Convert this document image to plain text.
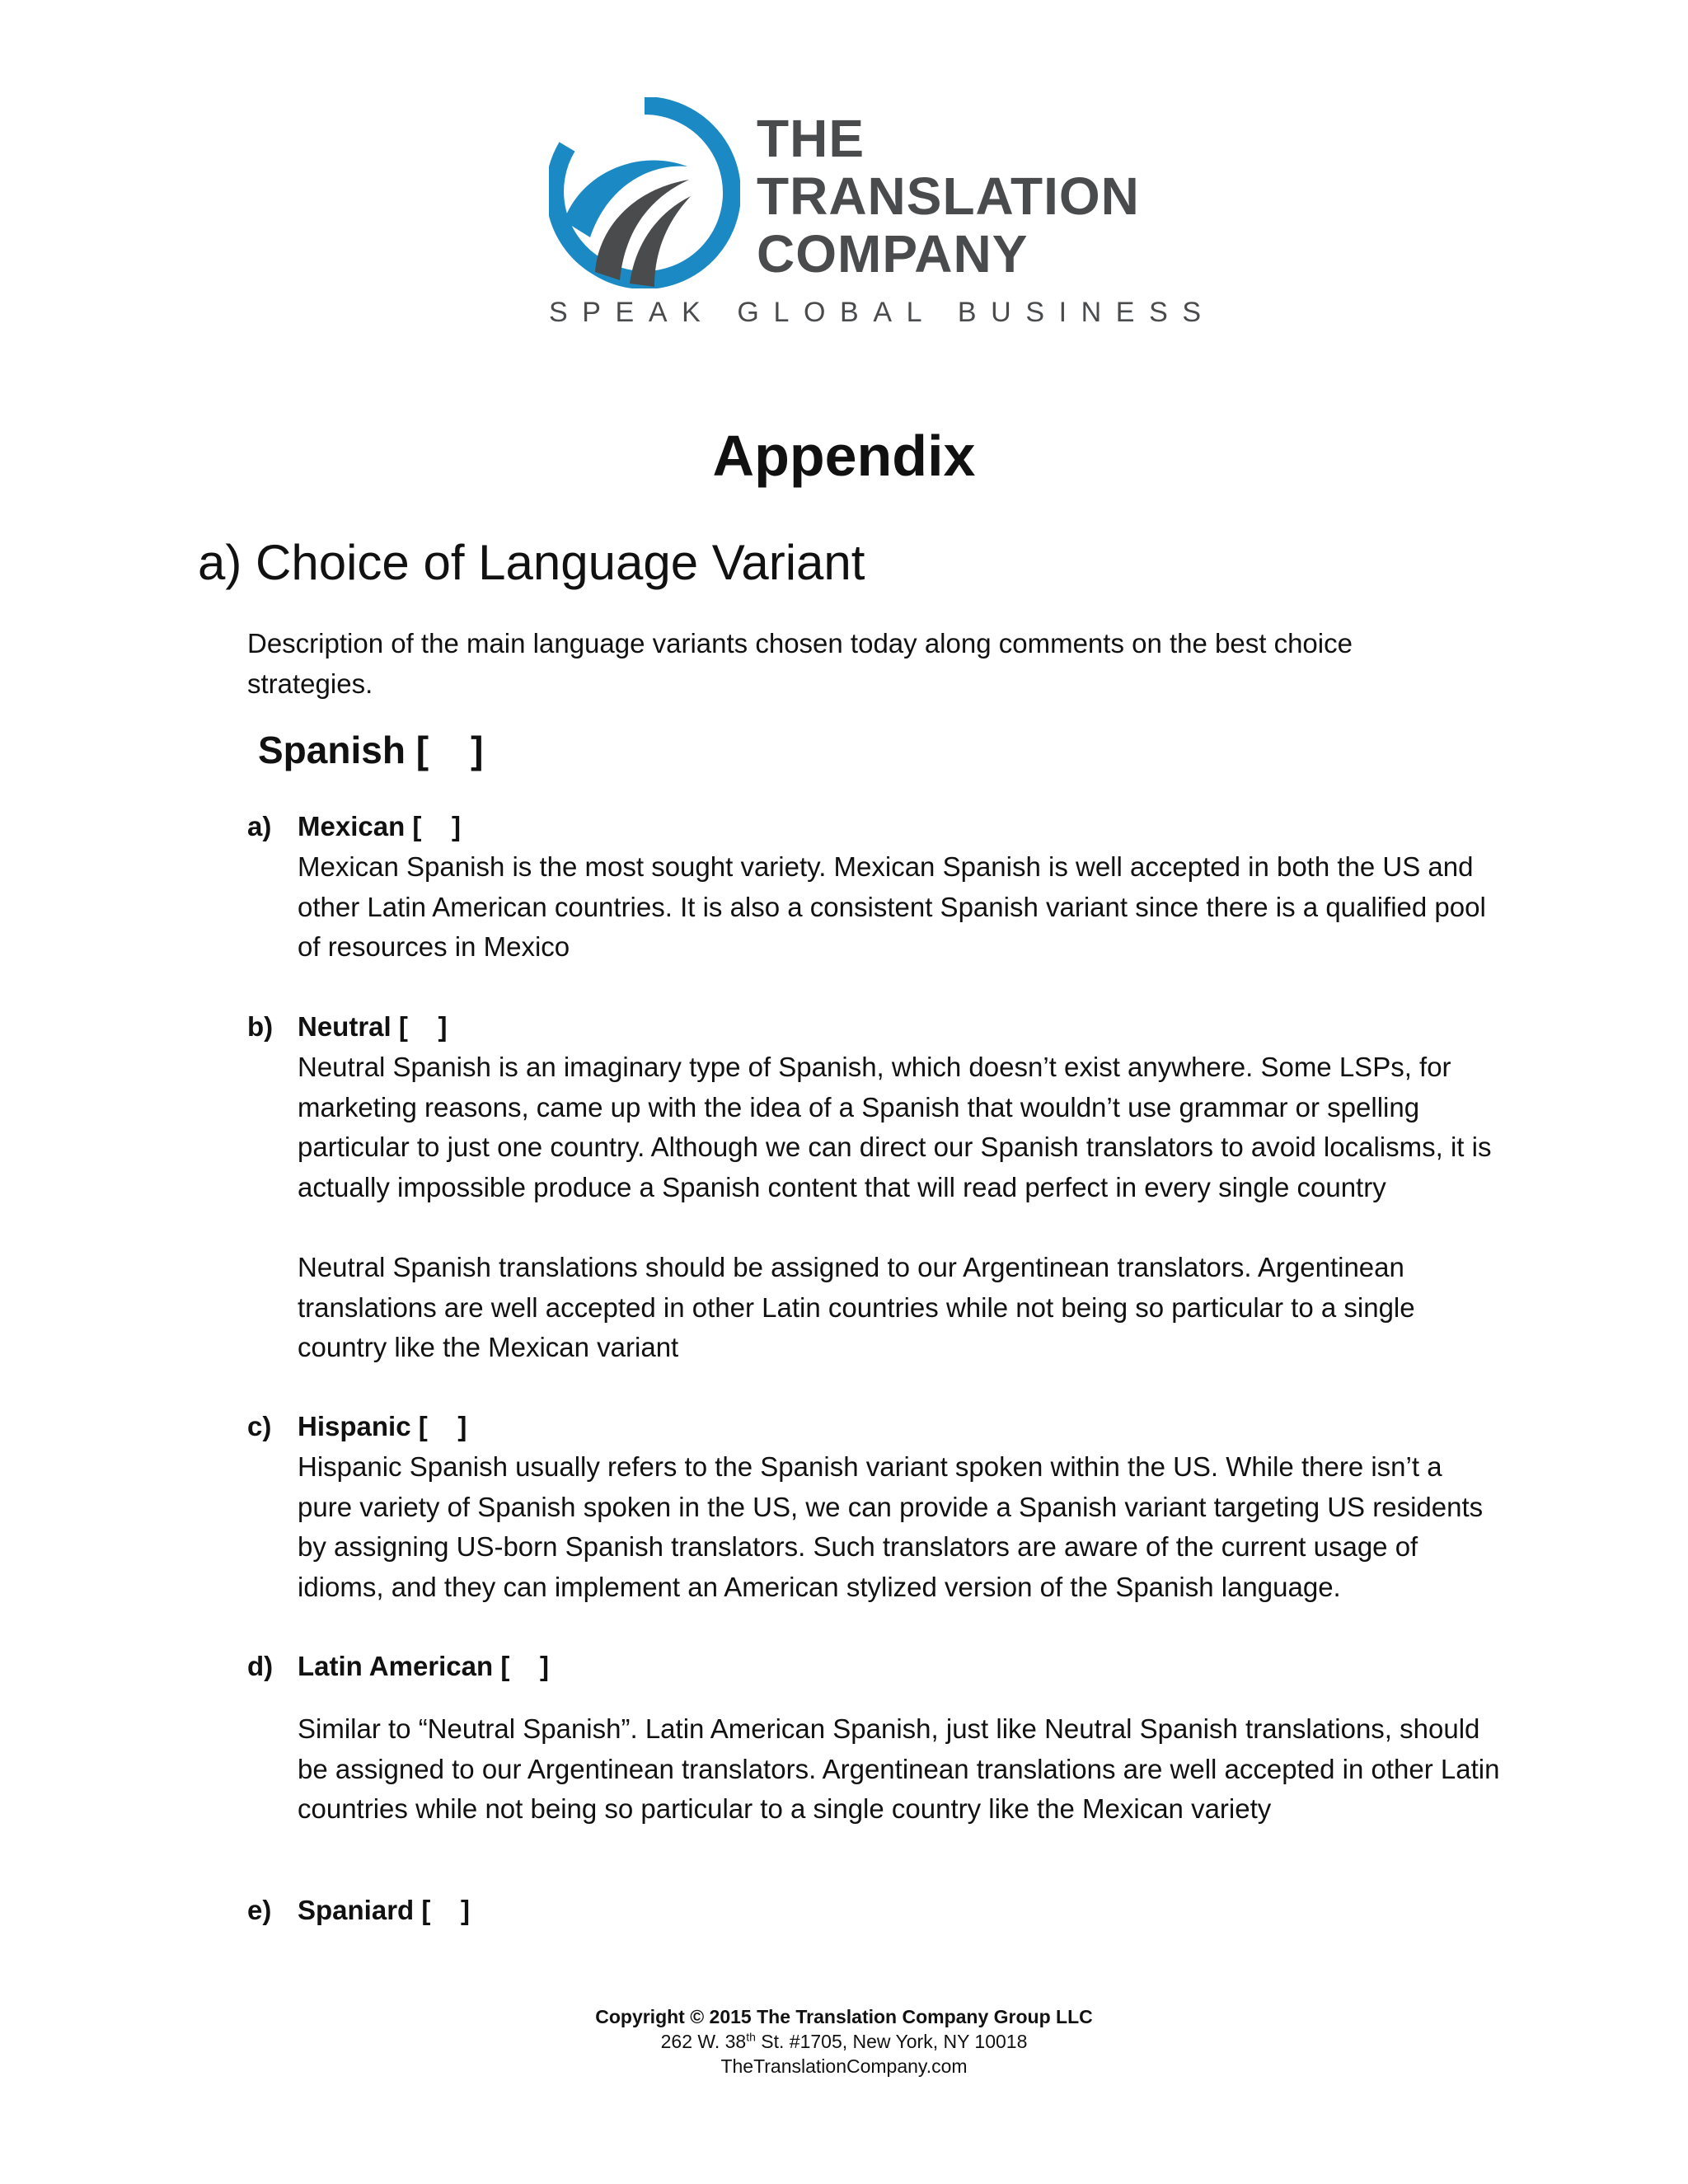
THE
TRANSLATION
COMPANY
SPEAK GLOBAL BUSINESS
Appendix
a) Choice of Language Variant
Description of the main language variants chosen today along comments on the best choice strategies.
Spanish [    ]
a) Mexican [    ]
Mexican Spanish is the most sought variety. Mexican Spanish is well accepted in both the US and other Latin American countries. It is also a consistent Spanish variant since there is a qualified pool of resources in Mexico
b) Neutral [    ]
Neutral Spanish is an imaginary type of Spanish, which doesn’t exist anywhere. Some LSPs, for marketing reasons, came up with the idea of a Spanish that wouldn’t use grammar or spelling particular to just one country. Although we can direct our Spanish translators to avoid localisms, it is actually impossible produce a Spanish content that will read perfect in every single country
Neutral Spanish translations should be assigned to our Argentinean translators. Argentinean translations are well accepted in other Latin countries while not being so particular to a single country like the Mexican variant
c) Hispanic [    ]
Hispanic Spanish usually refers to the Spanish variant spoken within the US. While there isn’t a pure variety of Spanish spoken in the US, we can provide a Spanish variant targeting US residents by assigning US-born Spanish translators. Such translators are aware of the current usage of idioms, and they can implement an American stylized version of the Spanish language.
d) Latin American [    ]
Similar to “Neutral Spanish”. Latin American Spanish, just like Neutral Spanish translations, should be assigned to our Argentinean translators. Argentinean translations are well accepted in other Latin countries while not being so particular to a single country like the Mexican variety
e) Spaniard [    ]
Copyright © 2015 The Translation Company Group LLC
262 W. 38th St. #1705, New York, NY 10018
TheTranslationCompany.com
